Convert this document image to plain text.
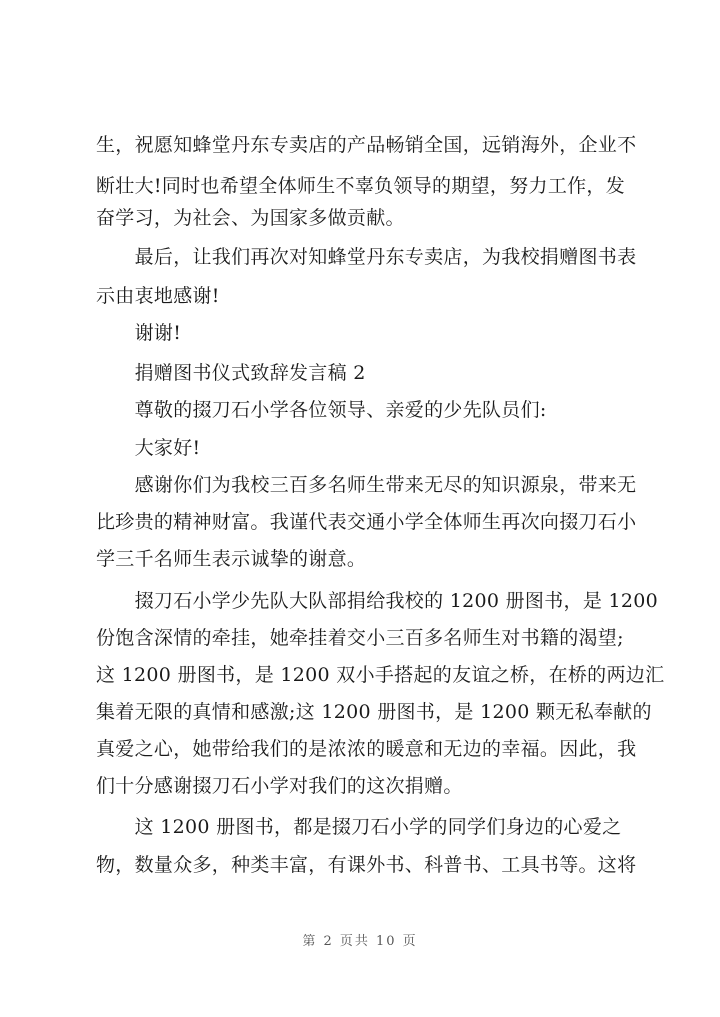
生，祝愿知蜂堂丹东专卖店的产品畅销全国，远销海外，企业不
断壮大!同时也希望全体师生不辜负领导的期望，努力工作，发
奋学习，为社会、为国家多做贡献。
　　最后，让我们再次对知蜂堂丹东专卖店，为我校捐赠图书表
示由衷地感谢!
　　谢谢!
　　捐赠图书仪式致辞发言稿 2
　　尊敬的掇刀石小学各位领导、亲爱的少先队员们:
　　大家好!
　　感谢你们为我校三百多名师生带来无尽的知识源泉，带来无
比珍贵的精神财富。我谨代表交通小学全体师生再次向掇刀石小
学三千名师生表示诚挚的谢意。
　　掇刀石小学少先队大队部捐给我校的 1200 册图书，是 1200
份饱含深情的牵挂，她牵挂着交小三百多名师生对书籍的渴望;
这 1200 册图书，是 1200 双小手搭起的友谊之桥，在桥的两边汇
集着无限的真情和感激;这 1200 册图书，是 1200 颗无私奉献的
真爱之心，她带给我们的是浓浓的暖意和无边的幸福。因此，我
们十分感谢掇刀石小学对我们的这次捐赠。
　　这 1200 册图书，都是掇刀石小学的同学们身边的心爱之
物，数量众多，种类丰富，有课外书、科普书、工具书等。这将
第 2 页共 10 页
